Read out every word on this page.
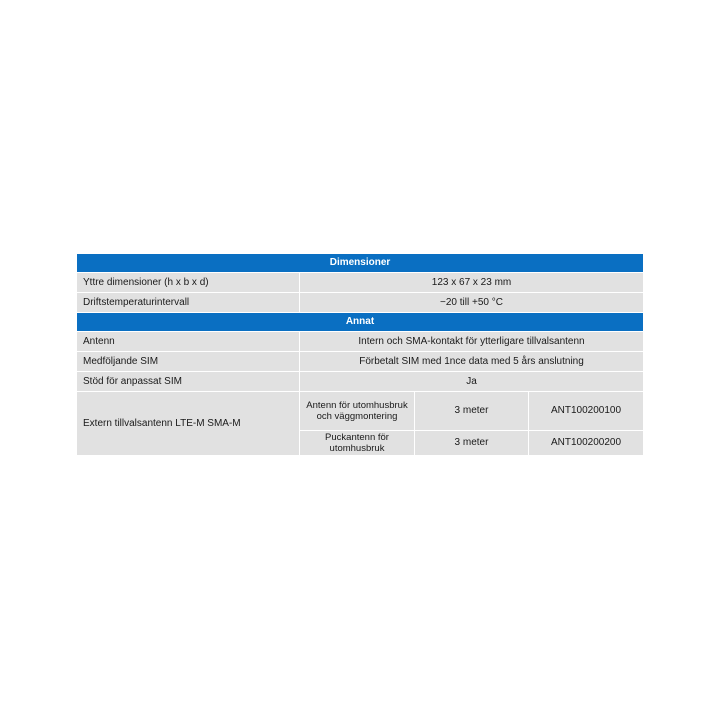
Dimensioner			
Yttre dimensioner (h x b x d)	123 x 67 x 23 mm		
Driftstemperaturintervall	−20 till +50 °C		
Annat			
Antenn	Intern och SMA-kontakt för ytterligare tillvalsantenn		
Medföljande SIM	Förbetalt SIM med 1nce data med 5 års anslutning		
Stöd för anpassat SIM	Ja		
Extern tillvalsantenn LTE-M SMA-M	Antenn för utomhusbruk och väggmontering	3 meter	ANT100200100
	Puckantenn för utomhusbruk	3 meter	ANT100200200
